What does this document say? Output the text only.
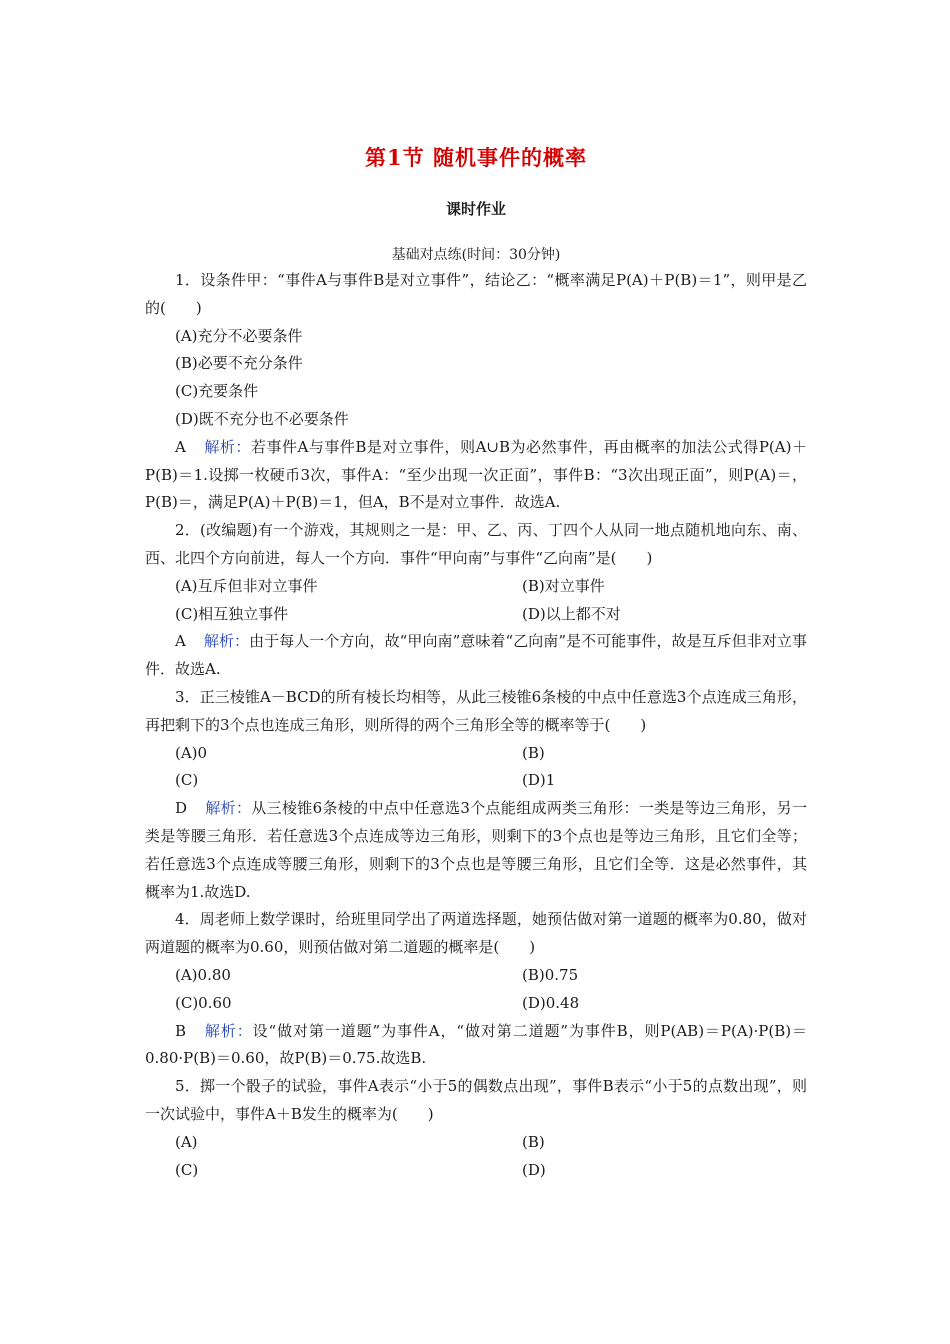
第1节 随机事件的概率
课时作业
基础对点练(时间：30分钟)

1．设条件甲：“事件A与事件B是对立事件”，结论乙：“概率满足P(A)＋P(B)＝1”，则甲是乙的(　　)

(A)充分不必要条件
(B)必要不充分条件
(C)充要条件
(D)既不充分也不必要条件

A 解析：若事件A与事件B是对立事件，则A∪B为必然事件，再由概率的加法公式得P(A)＋P(B)＝1.设掷一枚硬币3次，事件A：“至少出现一次正面”，事件B：“3次出现正面”，则P(A)＝，P(B)＝，满足P(A)＋P(B)＝1，但A，B不是对立事件．故选A.

2．(改编题)有一个游戏，其规则之一是：甲、乙、丙、丁四个人从同一地点随机地向东、南、西、北四个方向前进，每人一个方向．事件“甲向南”与事件“乙向南”是(　　)

(A)互斥但非对立事件	(B)对立事件
(C)相互独立事件	(D)以上都不对

A 解析：由于每人一个方向，故“甲向南”意味着“乙向南”是不可能事件，故是互斥但非对立事件．故选A.

3．正三棱锥A－BCD的所有棱长均相等，从此三棱锥6条棱的中点中任意选3个点连成三角形，再把剩下的3个点也连成三角形，则所得的两个三角形全等的概率等于(　　)

(A)0	(B)
(C)	(D)1

D 解析：从三棱锥6条棱的中点中任意选3个点能组成两类三角形：一类是等边三角形，另一类是等腰三角形．若任意选3个点连成等边三角形，则剩下的3个点也是等边三角形，且它们全等；若任意选3个点连成等腰三角形，则剩下的3个点也是等腰三角形，且它们全等．这是必然事件，其概率为1.故选D.

4．周老师上数学课时，给班里同学出了两道选择题，她预估做对第一道题的概率为0.80，做对两道题的概率为0.60，则预估做对第二道题的概率是(　　)

(A)0.80	(B)0.75
(C)0.60	(D)0.48

B 解析：设“做对第一道题”为事件A，“做对第二道题”为事件B，则P(AB)＝P(A)·P(B)＝0.80·P(B)＝0.60，故P(B)＝0.75.故选B.

5．掷一个骰子的试验，事件A表示“小于5的偶数点出现”，事件B表示“小于5的点数出现”，则一次试验中，事件A＋B发生的概率为(　　)

(A)	(B)
(C)	(D)
